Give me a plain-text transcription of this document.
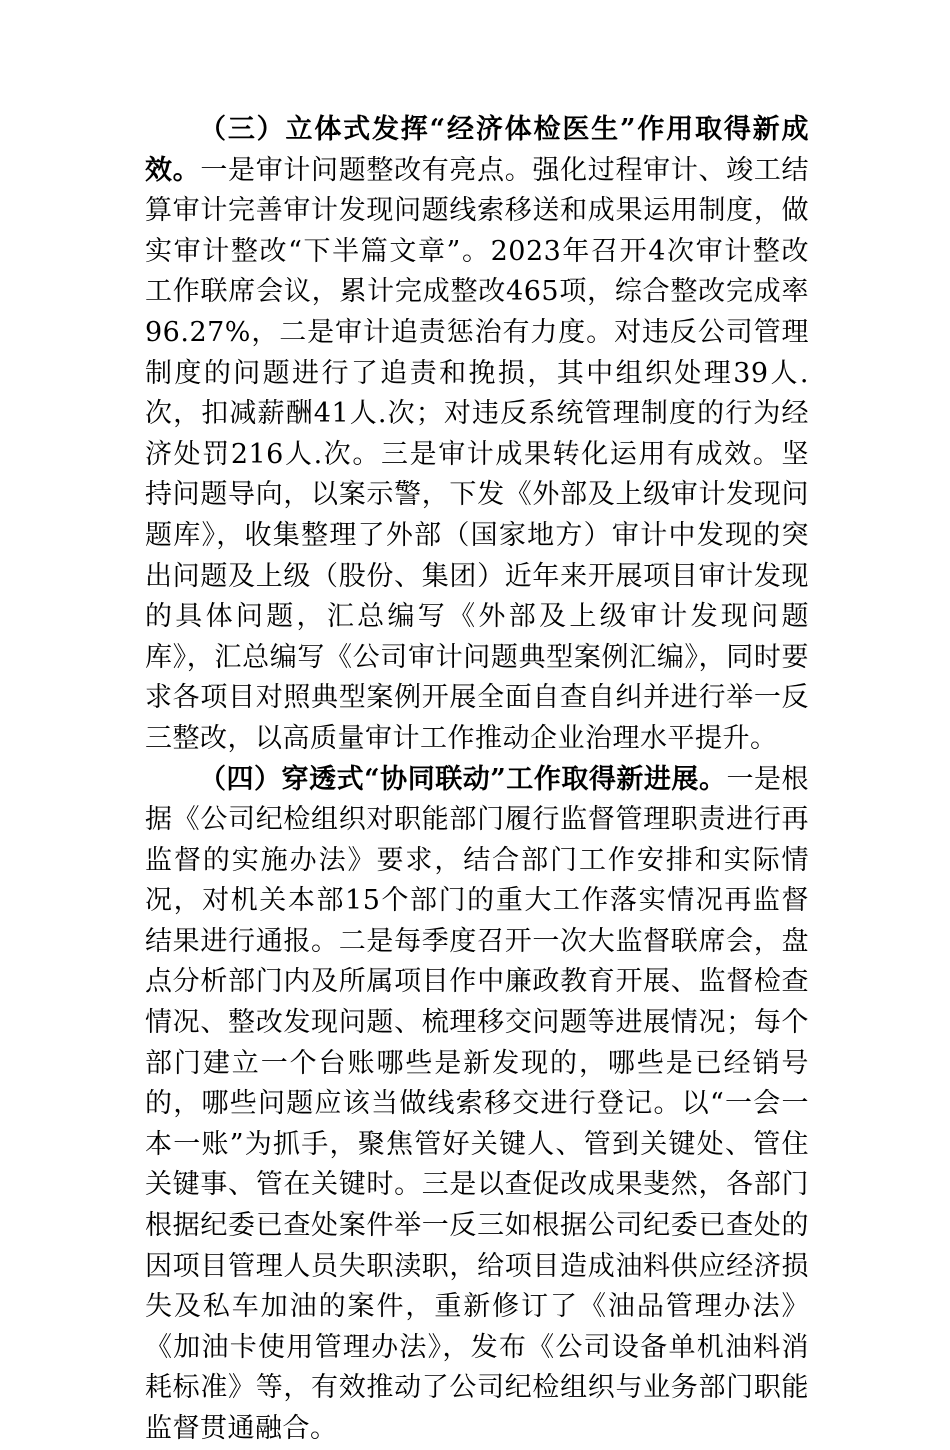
（三）立体式发挥“经济体检医生”作用取得新成效。一是审计问题整改有亮点。强化过程审计、竣工结算审计完善审计发现问题线索移送和成果运用制度，做实审计整改“下半篇文章”。2023年召开4次审计整改工作联席会议，累计完成整改465项，综合整改完成率96.27%，二是审计追责惩治有力度。对违反公司管理制度的问题进行了追责和挽损，其中组织处理39人.次，扣减薪酬41人.次；对违反系统管理制度的行为经济处罚216人.次。三是审计成果转化运用有成效。坚持问题导向，以案示警，下发《外部及上级审计发现问题库》，收集整理了外部（国家地方）审计中发现的突出问题及上级（股份、集团）近年来开展项目审计发现的具体问题，汇总编写《外部及上级审计发现问题库》，汇总编写《公司审计问题典型案例汇编》，同时要求各项目对照典型案例开展全面自查自纠并进行举一反三整改，以高质量审计工作推动企业治理水平提升。

（四）穿透式“协同联动”工作取得新进展。一是根据《公司纪检组织对职能部门履行监督管理职责进行再监督的实施办法》要求，结合部门工作安排和实际情况，对机关本部15个部门的重大工作落实情况再监督结果进行通报。二是每季度召开一次大监督联席会，盘点分析部门内及所属项目作中廉政教育开展、监督检查情况、整改发现问题、梳理移交问题等进展情况；每个部门建立一个台账哪些是新发现的，哪些是已经销号的，哪些问题应该当做线索移交进行登记。以“一会一本一账”为抓手，聚焦管好关键人、管到关键处、管住关键事、管在关键时。三是以查促改成果斐然，各部门根据纪委已查处案件举一反三如根据公司纪委已查处的因项目管理人员失职渎职，给项目造成油料供应经济损失及私车加油的案件，重新修订了《油品管理办法》《加油卡使用管理办法》，发布《公司设备单机油料消耗标准》等，有效推动了公司纪检组织与业务部门职能监督贯通融合。
